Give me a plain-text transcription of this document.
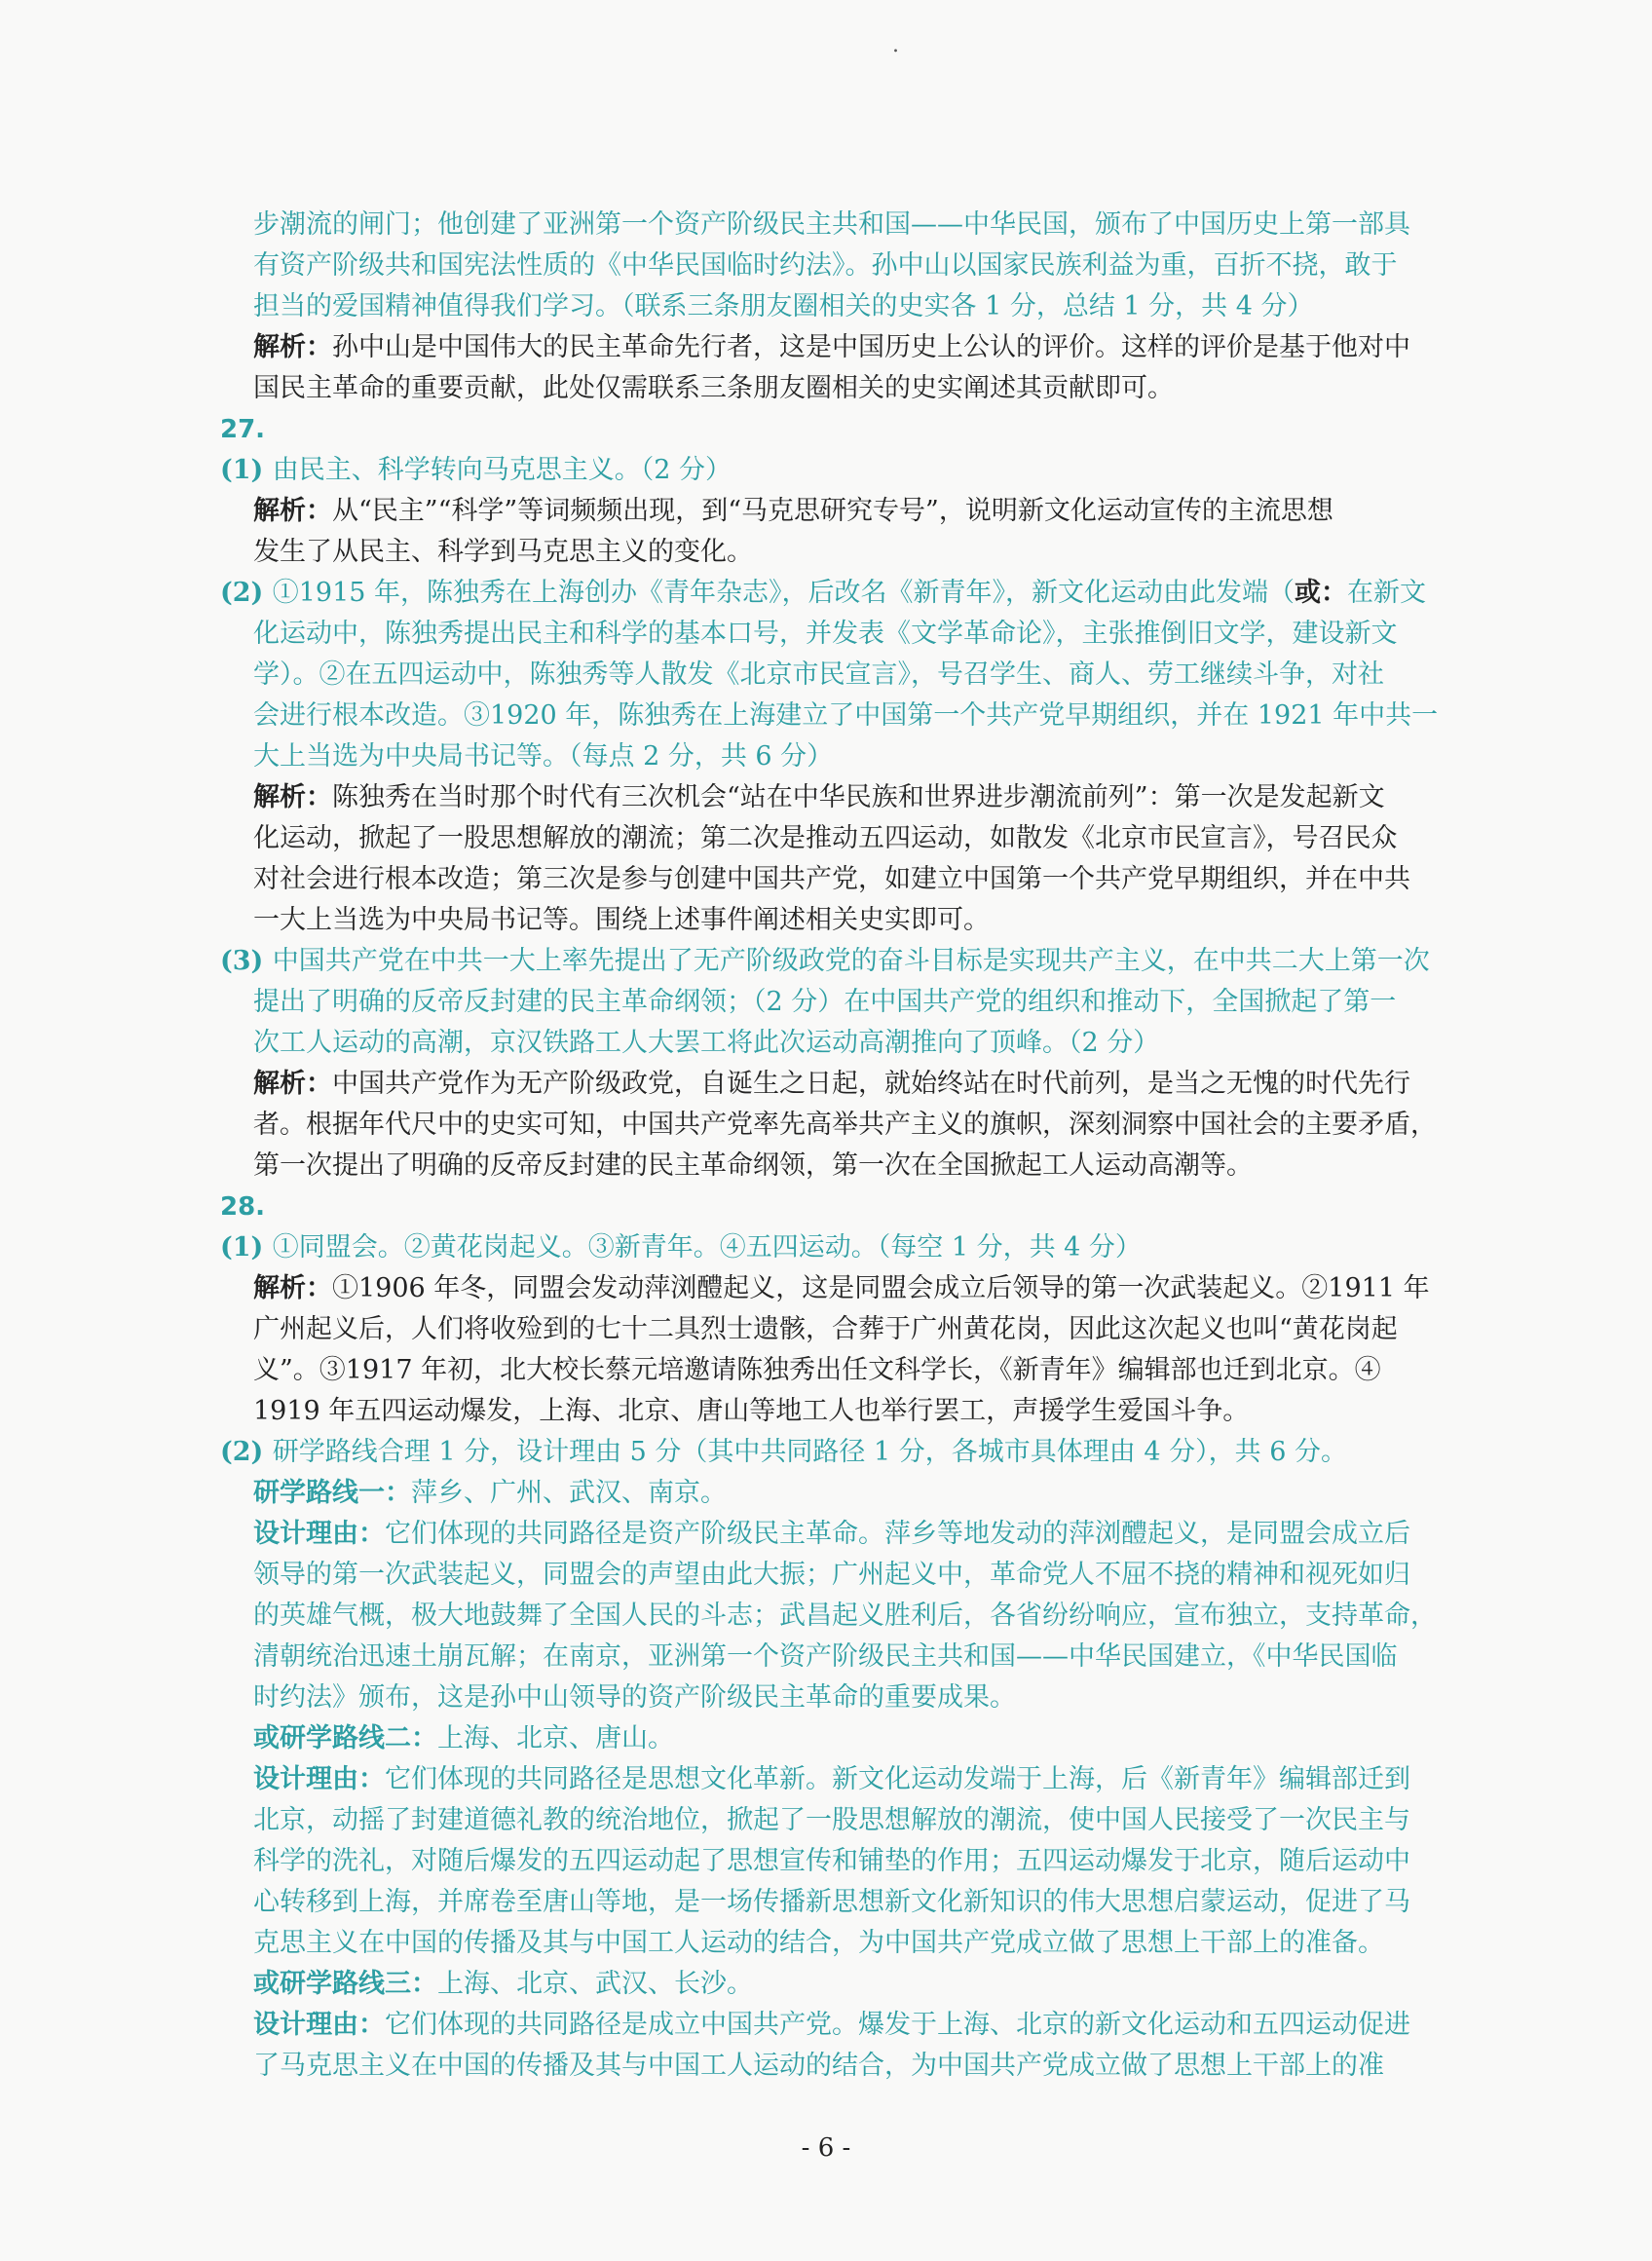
.
步潮流的闸门；他创建了亚洲第一个资产阶级民主共和国——中华民国，颁布了中国历史上第一部具
有资产阶级共和国宪法性质的《中华民国临时约法》。孙中山以国家民族利益为重，百折不挠，敢于
担当的爱国精神值得我们学习。（联系三条朋友圈相关的史实各 1 分，总结 1 分，共 4 分）
解析：孙中山是中国伟大的民主革命先行者，这是中国历史上公认的评价。这样的评价是基于他对中
国民主革命的重要贡献，此处仅需联系三条朋友圈相关的史实阐述其贡献即可。
27.
(1) 由民主、科学转向马克思主义。（2 分）
解析：从“民主”“科学”等词频频出现，到“马克思研究专号”，说明新文化运动宣传的主流思想
发生了从民主、科学到马克思主义的变化。
(2) ①1915 年，陈独秀在上海创办《青年杂志》，后改名《新青年》，新文化运动由此发端（或：在新文
化运动中，陈独秀提出民主和科学的基本口号，并发表《文学革命论》，主张推倒旧文学，建设新文
学）。②在五四运动中，陈独秀等人散发《北京市民宣言》，号召学生、商人、劳工继续斗争，对社
会进行根本改造。③1920 年，陈独秀在上海建立了中国第一个共产党早期组织，并在 1921 年中共一
大上当选为中央局书记等。（每点 2 分，共 6 分）
解析：陈独秀在当时那个时代有三次机会“站在中华民族和世界进步潮流前列”：第一次是发起新文
化运动，掀起了一股思想解放的潮流；第二次是推动五四运动，如散发《北京市民宣言》，号召民众
对社会进行根本改造；第三次是参与创建中国共产党，如建立中国第一个共产党早期组织，并在中共
一大上当选为中央局书记等。围绕上述事件阐述相关史实即可。
(3) 中国共产党在中共一大上率先提出了无产阶级政党的奋斗目标是实现共产主义，在中共二大上第一次
提出了明确的反帝反封建的民主革命纲领；（2 分）在中国共产党的组织和推动下，全国掀起了第一
次工人运动的高潮，京汉铁路工人大罢工将此次运动高潮推向了顶峰。（2 分）
解析：中国共产党作为无产阶级政党，自诞生之日起，就始终站在时代前列，是当之无愧的时代先行
者。根据年代尺中的史实可知，中国共产党率先高举共产主义的旗帜，深刻洞察中国社会的主要矛盾，
第一次提出了明确的反帝反封建的民主革命纲领，第一次在全国掀起工人运动高潮等。
28.
(1) ①同盟会。②黄花岗起义。③新青年。④五四运动。（每空 1 分，共 4 分）
解析：①1906 年冬，同盟会发动萍浏醴起义，这是同盟会成立后领导的第一次武装起义。②1911 年
广州起义后，人们将收殓到的七十二具烈士遗骸，合葬于广州黄花岗，因此这次起义也叫“黄花岗起
义”。③1917 年初，北大校长蔡元培邀请陈独秀出任文科学长，《新青年》编辑部也迁到北京。④
1919 年五四运动爆发，上海、北京、唐山等地工人也举行罢工，声援学生爱国斗争。
(2) 研学路线合理 1 分，设计理由 5 分（其中共同路径 1 分，各城市具体理由 4 分），共 6 分。
研学路线一：萍乡、广州、武汉、南京。
设计理由：它们体现的共同路径是资产阶级民主革命。萍乡等地发动的萍浏醴起义，是同盟会成立后
领导的第一次武装起义，同盟会的声望由此大振；广州起义中，革命党人不屈不挠的精神和视死如归
的英雄气概，极大地鼓舞了全国人民的斗志；武昌起义胜利后，各省纷纷响应，宣布独立，支持革命，
清朝统治迅速土崩瓦解；在南京，亚洲第一个资产阶级民主共和国——中华民国建立，《中华民国临
时约法》颁布，这是孙中山领导的资产阶级民主革命的重要成果。
或研学路线二：上海、北京、唐山。
设计理由：它们体现的共同路径是思想文化革新。新文化运动发端于上海，后《新青年》编辑部迁到
北京，动摇了封建道德礼教的统治地位，掀起了一股思想解放的潮流，使中国人民接受了一次民主与
科学的洗礼，对随后爆发的五四运动起了思想宣传和铺垫的作用；五四运动爆发于北京，随后运动中
心转移到上海，并席卷至唐山等地，是一场传播新思想新文化新知识的伟大思想启蒙运动，促进了马
克思主义在中国的传播及其与中国工人运动的结合，为中国共产党成立做了思想上干部上的准备。
或研学路线三：上海、北京、武汉、长沙。
设计理由：它们体现的共同路径是成立中国共产党。爆发于上海、北京的新文化运动和五四运动促进
了马克思主义在中国的传播及其与中国工人运动的结合，为中国共产党成立做了思想上干部上的准
- 6 -
